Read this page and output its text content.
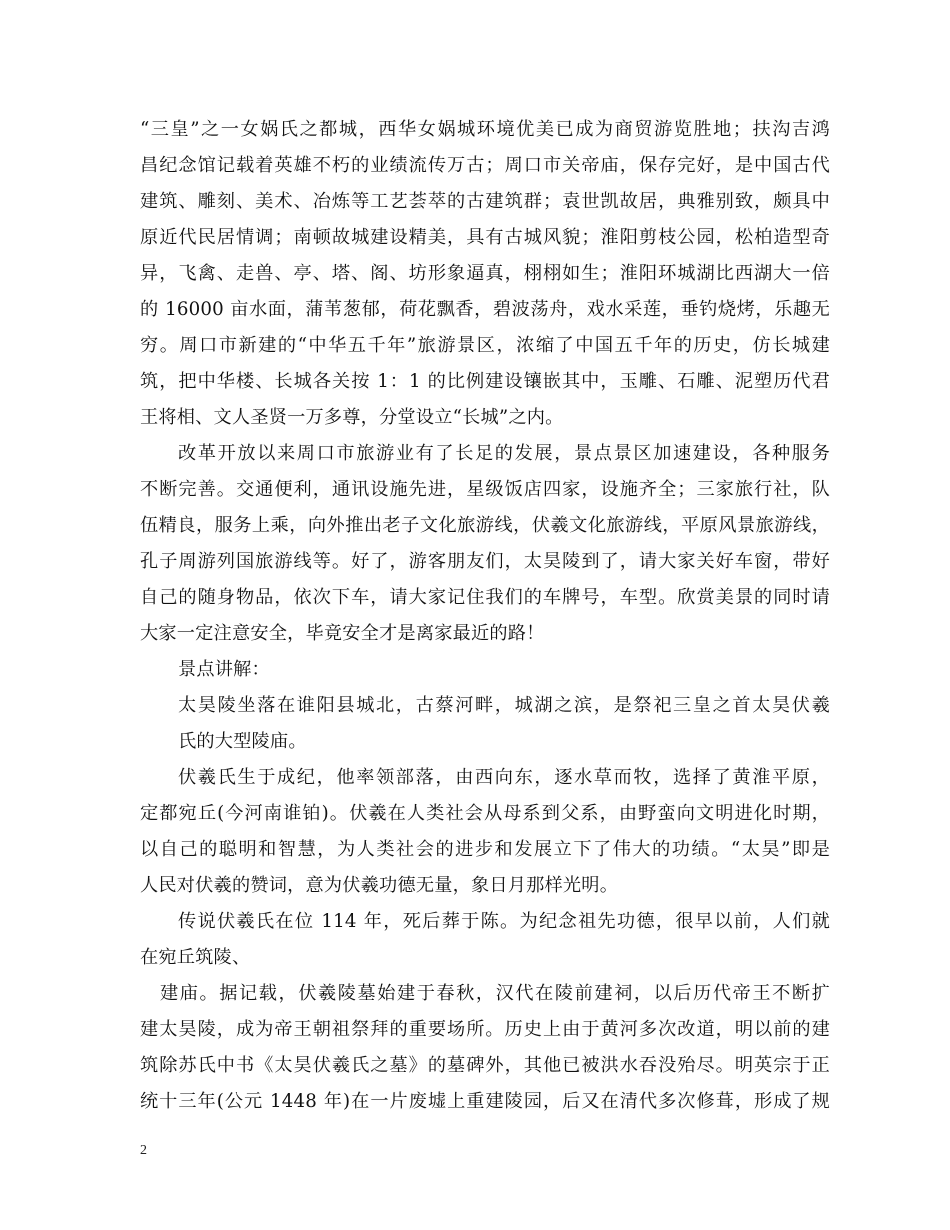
“三皇”之一女娲氏之都城，西华女娲城环境优美已成为商贸游览胜地；扶沟吉鸿
昌纪念馆记载着英雄不朽的业绩流传万古；周口市关帝庙，保存完好，是中国古代
建筑、雕刻、美术、冶炼等工艺荟萃的古建筑群；袁世凯故居，典雅别致，颇具中
原近代民居情调；南顿故城建设精美，具有古城风貌；淮阳剪枝公园，松柏造型奇
异，飞禽、走兽、亭、塔、阁、坊形象逼真，栩栩如生；淮阳环城湖比西湖大一倍
的 16000 亩水面，蒲苇葱郁，荷花飘香，碧波荡舟，戏水采莲，垂钓烧烤，乐趣无
穷。周口市新建的“中华五千年”旅游景区，浓缩了中国五千年的历史，仿长城建
筑，把中华楼、长城各关按 1：1 的比例建设镶嵌其中，玉雕、石雕、泥塑历代君
王将相、文人圣贤一万多尊，分堂设立“长城”之内。
改革开放以来周口市旅游业有了长足的发展，景点景区加速建设，各种服务
不断完善。交通便利，通讯设施先进，星级饭店四家，设施齐全；三家旅行社，队
伍精良，服务上乘，向外推出老子文化旅游线，伏羲文化旅游线，平原风景旅游线，
孔子周游列国旅游线等。好了，游客朋友们，太昊陵到了，请大家关好车窗，带好
自己的随身物品，依次下车，请大家记住我们的车牌号，车型。欣赏美景的同时请
大家一定注意安全，毕竟安全才是离家最近的路！
景点讲解：
太昊陵坐落在谁阳县城北，古蔡河畔，城湖之滨，是祭祀三皇之首太昊伏羲
氏的大型陵庙。
伏羲氏生于成纪，他率领部落，由西向东，逐水草而牧，选择了黄淮平原，
定都宛丘(今河南谁铂)。伏羲在人类社会从母系到父系，由野蛮向文明进化时期，
以自己的聪明和智慧，为人类社会的进步和发展立下了伟大的功绩。“太昊”即是
人民对伏羲的赞词，意为伏羲功德无量，象日月那样光明。
传说伏羲氏在位 114 年，死后葬于陈。为纪念祖先功德，很早以前，人们就
在宛丘筑陵、
建庙。据记载，伏羲陵墓始建于春秋，汉代在陵前建祠，以后历代帝王不断扩
建太昊陵，成为帝王朝祖祭拜的重要场所。历史上由于黄河多次改道，明以前的建
筑除苏氏中书《太昊伏羲氏之墓》的墓碑外，其他已被洪水吞没殆尽。明英宗于正
统十三年(公元 1448 年)在一片废墟上重建陵园，后又在清代多次修葺，形成了规
2
